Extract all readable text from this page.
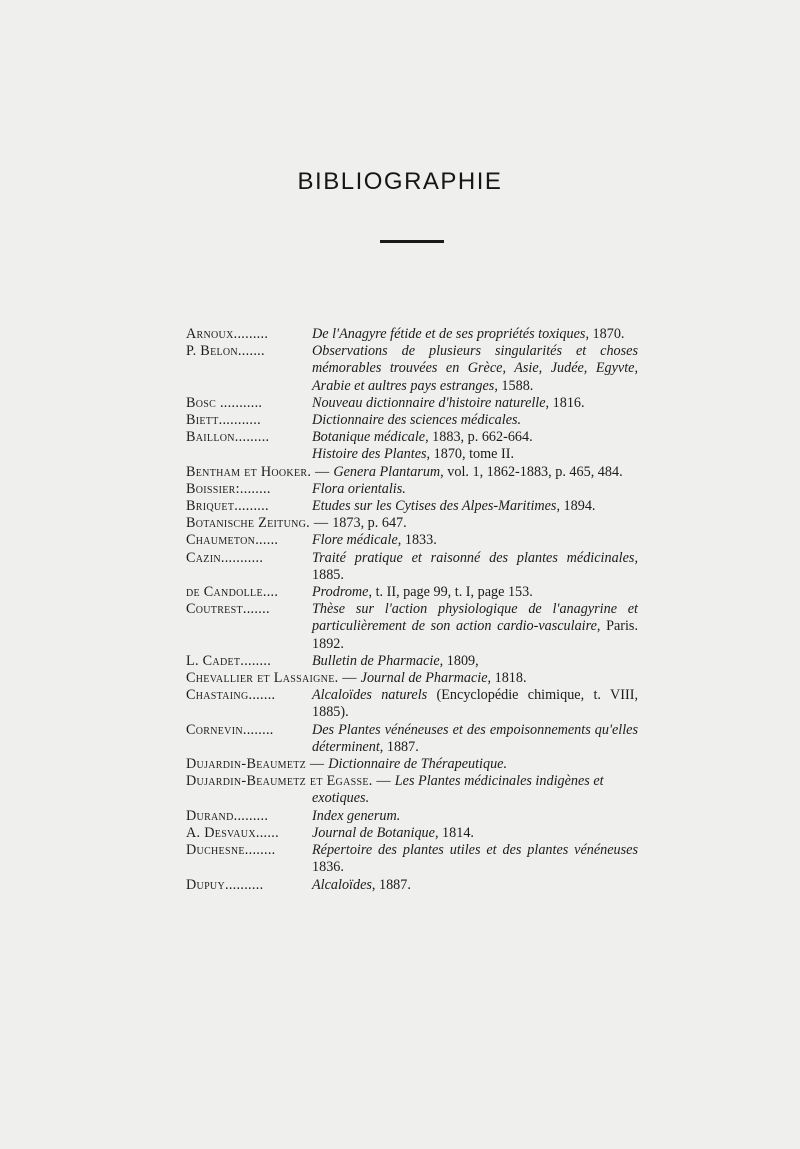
BIBLIOGRAPHIE
Arnoux.........	De l'Anagyre fétide et de ses propriétés toxiques, 1870.
P. Belon.......	Observations de plusieurs singularités et choses mémorables trouvées en Grèce, Asie, Judée, Egyvte, Arabie et aultres pays estranges, 1588.
Bosc ...........	Nouveau dictionnaire d'histoire naturelle, 1816.
Biett...........	Dictionnaire des sciences médicales.
Baillon.........	Botanique médicale, 1883, p. 662-664.
Histoire des Plantes, 1870, tome II.
Bentham et Hooker. — Genera Plantarum, vol. 1, 1862-1883, p. 465, 484.
Boissier:........	Flora orientalis.
Briquet.........	Etudes sur les Cytises des Alpes-Maritimes, 1894.
Botanische Zeitung. — 1873, p. 647.
Chaumeton......	Flore médicale, 1833.
Cazin...........	Traité pratique et raisonné des plantes médicinales, 1885.
de Candolle....	Prodrome, t. II, page 99, t. I, page 153.
Coutrest.......	Thèse sur l'action physiologique de l'anagyrine et particulièrement de son action cardio-vasculaire, Paris. 1892.
L. Cadet........	Bulletin de Pharmacie, 1809,
Chevallier et Lassaigne. — Journal de Pharmacie, 1818.
Chastaing.......	Alcaloïdes naturels (Encyclopédie chimique, t. VIII, 1885).
Cornevin........	Des Plantes vénéneuses et des empoisonnements qu'elles déterminent, 1887.
Dujardin-Beaumetz — Dictionnaire de Thérapeutique.
Dujardin-Beaumetz et Egasse. — Les Plantes médicinales indigènes et exotiques.
Durand.........	Index generum.
A. Desvaux......	Journal de Botanique, 1814.
Duchesne........	Répertoire des plantes utiles et des plantes vénéneuses 1836.
Dupuy..........	Alcaloïdes, 1887.
